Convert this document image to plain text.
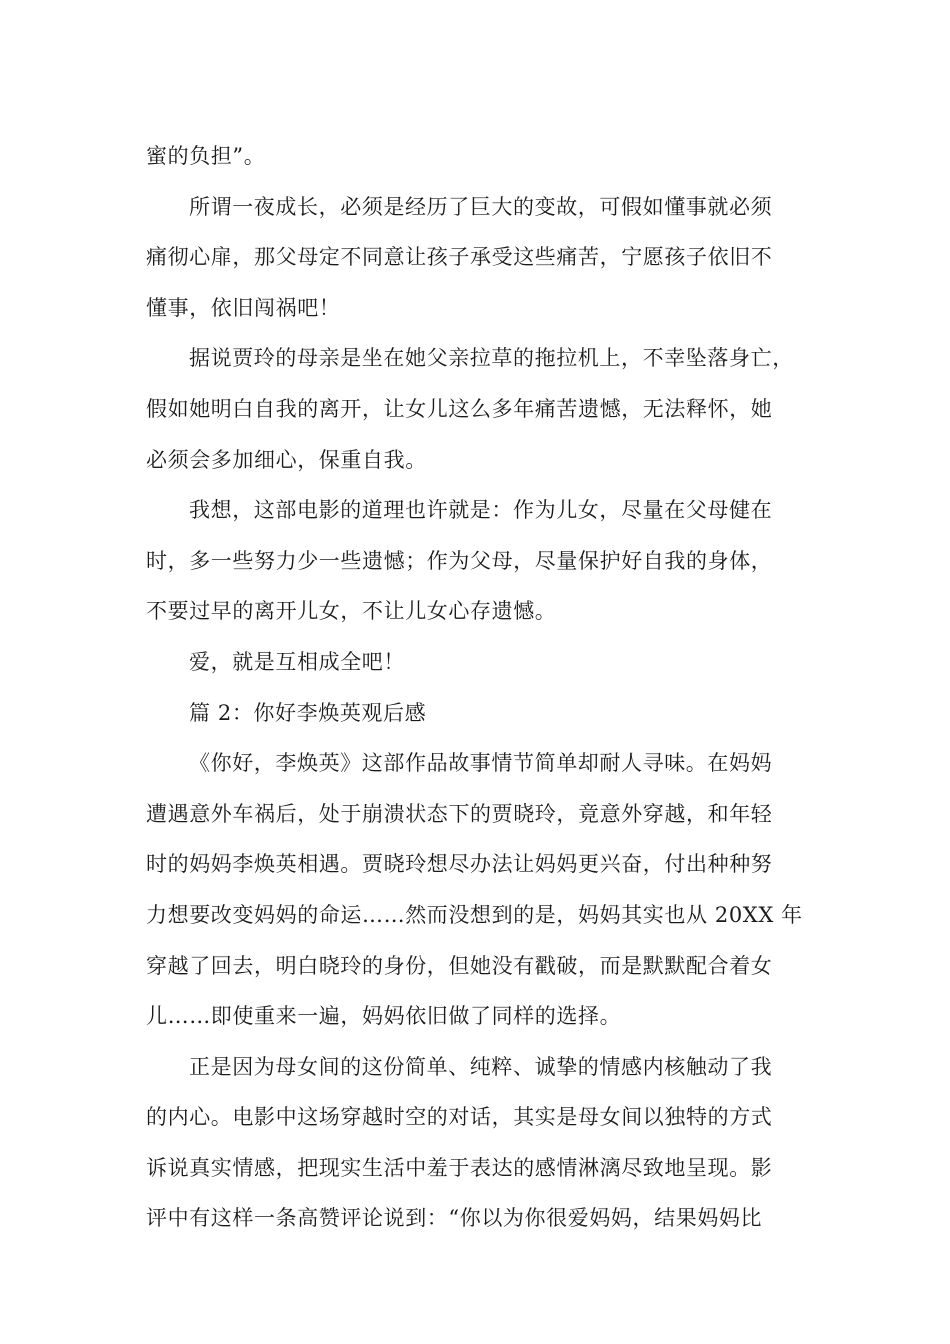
蜜的负担”。
所谓一夜成长，必须是经历了巨大的变故，可假如懂事就必须
痛彻心扉，那父母定不同意让孩子承受这些痛苦，宁愿孩子依旧不
懂事，依旧闯祸吧！
据说贾玲的母亲是坐在她父亲拉草的拖拉机上，不幸坠落身亡，
假如她明白自我的离开，让女儿这么多年痛苦遗憾，无法释怀，她
必须会多加细心，保重自我。
我想，这部电影的道理也许就是：作为儿女，尽量在父母健在
时，多一些努力少一些遗憾；作为父母，尽量保护好自我的身体，
不要过早的离开儿女，不让儿女心存遗憾。
爱，就是互相成全吧！
篇 2：你好李焕英观后感
《你好，李焕英》这部作品故事情节简单却耐人寻味。在妈妈
遭遇意外车祸后，处于崩溃状态下的贾晓玲，竟意外穿越，和年轻
时的妈妈李焕英相遇。贾晓玲想尽办法让妈妈更兴奋，付出种种努
力想要改变妈妈的命运……然而没想到的是，妈妈其实也从 20XX 年
穿越了回去，明白晓玲的身份，但她没有戳破，而是默默配合着女
儿……即使重来一遍，妈妈依旧做了同样的选择。
正是因为母女间的这份简单、纯粹、诚挚的情感内核触动了我
的内心。电影中这场穿越时空的对话，其实是母女间以独特的方式
诉说真实情感，把现实生活中羞于表达的感情淋漓尽致地呈现。影
评中有这样一条高赞评论说到：“你以为你很爱妈妈，结果妈妈比
